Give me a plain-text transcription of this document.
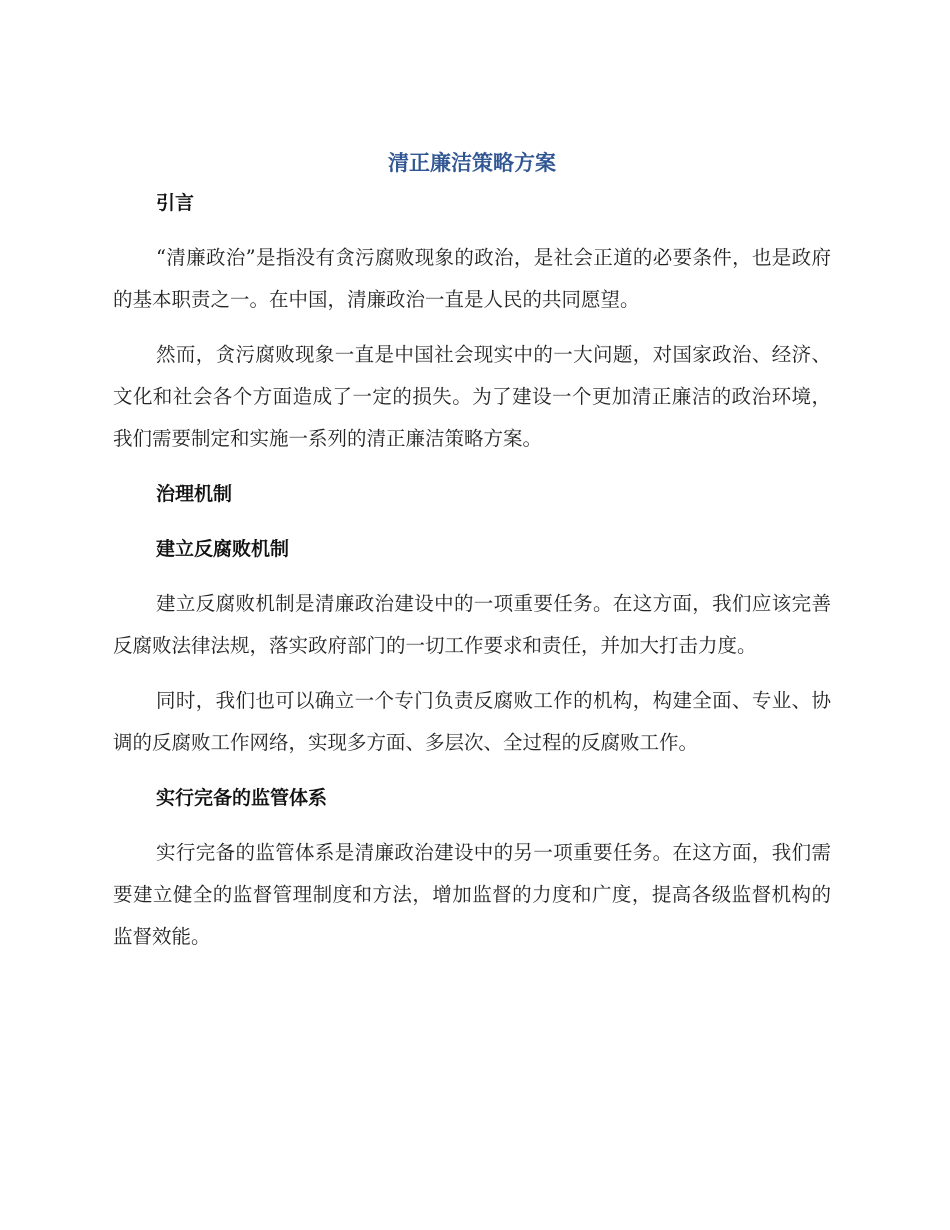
清正廉洁策略方案
引言

“清廉政治”是指没有贪污腐败现象的政治，是社会正道的必要条件，也是政府的基本职责之一。在中国，清廉政治一直是人民的共同愿望。

然而，贪污腐败现象一直是中国社会现实中的一大问题，对国家政治、经济、文化和社会各个方面造成了一定的损失。为了建设一个更加清正廉洁的政治环境，我们需要制定和实施一系列的清正廉洁策略方案。

治理机制
建立反腐败机制

建立反腐败机制是清廉政治建设中的一项重要任务。在这方面，我们应该完善反腐败法律法规，落实政府部门的一切工作要求和责任，并加大打击力度。

同时，我们也可以确立一个专门负责反腐败工作的机构，构建全面、专业、协调的反腐败工作网络，实现多方面、多层次、全过程的反腐败工作。

实行完备的监管体系

实行完备的监管体系是清廉政治建设中的另一项重要任务。在这方面，我们需要建立健全的监督管理制度和方法，增加监督的力度和广度，提高各级监督机构的监督效能。
